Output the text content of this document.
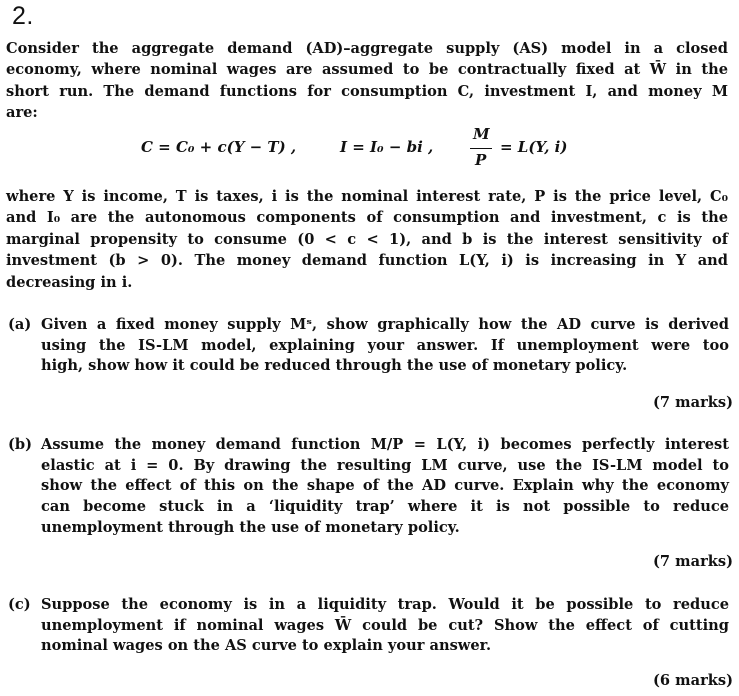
2.
Consider the aggregate demand (AD)–aggregate supply (AS) model in a closed
economy, where nominal wages are assumed to be contractually fixed at W̄ in the
short run. The demand functions for consumption C, investment I, and money M
are:
C = C₀ + c(Y − T) ,	I = I₀ − bi ,
M
P
= L(Y, i)
where Y is income, T is taxes, i is the nominal interest rate, P is the price level, C₀
and I₀ are the autonomous components of consumption and investment, c is the
marginal propensity to consume (0 < c < 1), and b is the interest sensitivity of
investment (b > 0). The money demand function L(Y, i) is increasing in Y and
decreasing in i.
(a) Given a fixed money supply Mˢ, show graphically how the AD curve is derived
using the IS-LM model, explaining your answer. If unemployment were too
high, show how it could be reduced through the use of monetary policy.
(7 marks)
(b) Assume the money demand function M/P = L(Y, i) becomes perfectly interest
elastic at i = 0. By drawing the resulting LM curve, use the IS-LM model to
show the effect of this on the shape of the AD curve. Explain why the economy
can become stuck in a ‘liquidity trap’ where it is not possible to reduce
unemployment through the use of monetary policy.
(7 marks)
(c) Suppose the economy is in a liquidity trap. Would it be possible to reduce
unemployment if nominal wages W̄ could be cut? Show the effect of cutting
nominal wages on the AS curve to explain your answer.
(6 marks)
